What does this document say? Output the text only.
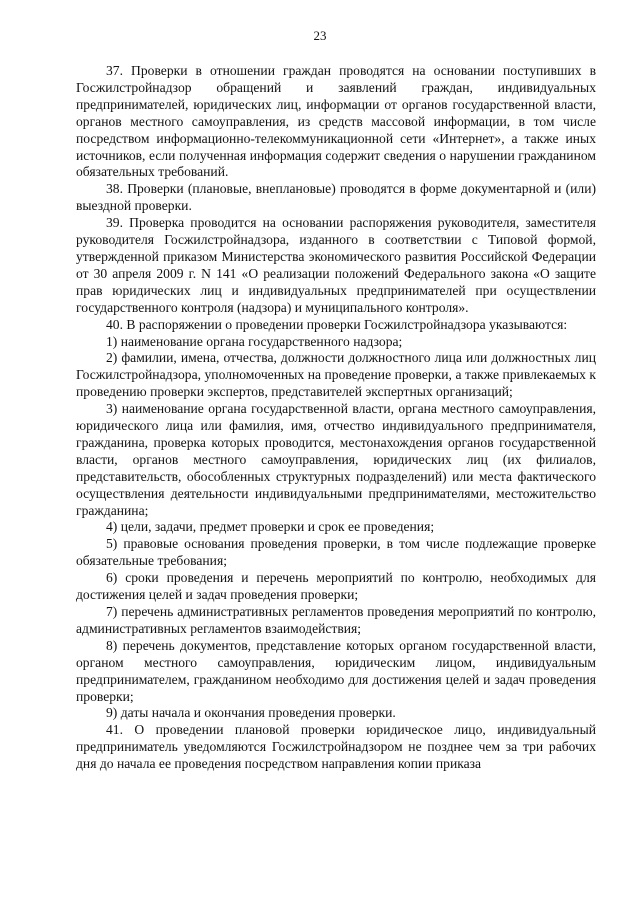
23

37. Проверки в отношении граждан проводятся на основании поступивших в Госжилстройнадзор обращений и заявлений граждан, индивидуальных предпринимателей, юридических лиц, информации от органов государственной власти, органов местного самоуправления, из средств массовой информации, в том числе посредством информационно-телекоммуникационной сети «Интернет», а также иных источников, если полученная информация содержит сведения о нарушении гражданином обязательных требований.

38. Проверки (плановые, внеплановые) проводятся в форме документарной и (или) выездной проверки.

39. Проверка проводится на основании распоряжения руководителя, заместителя руководителя Госжилстройнадзора, изданного в соответствии с Типовой формой, утвержденной приказом Министерства экономического развития Российской Федерации от 30 апреля 2009 г. N 141 «О реализации положений Федерального закона «О защите прав юридических лиц и индивидуальных предпринимателей при осуществлении государственного контроля (надзора) и муниципального контроля».

40. В распоряжении о проведении проверки Госжилстройнадзора указываются:

1) наименование органа государственного надзора;

2) фамилии, имена, отчества, должности должностного лица или должностных лиц Госжилстройнадзора, уполномоченных на проведение проверки, а также привлекаемых к проведению проверки экспертов, представителей экспертных организаций;

3) наименование органа государственной власти, органа местного самоуправления, юридического лица или фамилия, имя, отчество индивидуального предпринимателя, гражданина, проверка которых проводится, местонахождения органов государственной власти, органов местного самоуправления, юридических лиц (их филиалов, представительств, обособленных структурных подразделений) или места фактического осуществления деятельности индивидуальными предпринимателями, местожительство гражданина;

4) цели, задачи, предмет проверки и срок ее проведения;

5) правовые основания проведения проверки, в том числе подлежащие проверке обязательные требования;

6) сроки проведения и перечень мероприятий по контролю, необходимых для достижения целей и задач проведения проверки;

7) перечень административных регламентов проведения мероприятий по контролю, административных регламентов взаимодействия;

8) перечень документов, представление которых органом государственной власти, органом местного самоуправления, юридическим лицом, индивидуальным предпринимателем, гражданином необходимо для достижения целей и задач проведения проверки;

9) даты начала и окончания проведения проверки.

41. О проведении плановой проверки юридическое лицо, индивидуальный предприниматель уведомляются Госжилстройнадзором не позднее чем за три рабочих дня до начала ее проведения посредством направления копии приказа
